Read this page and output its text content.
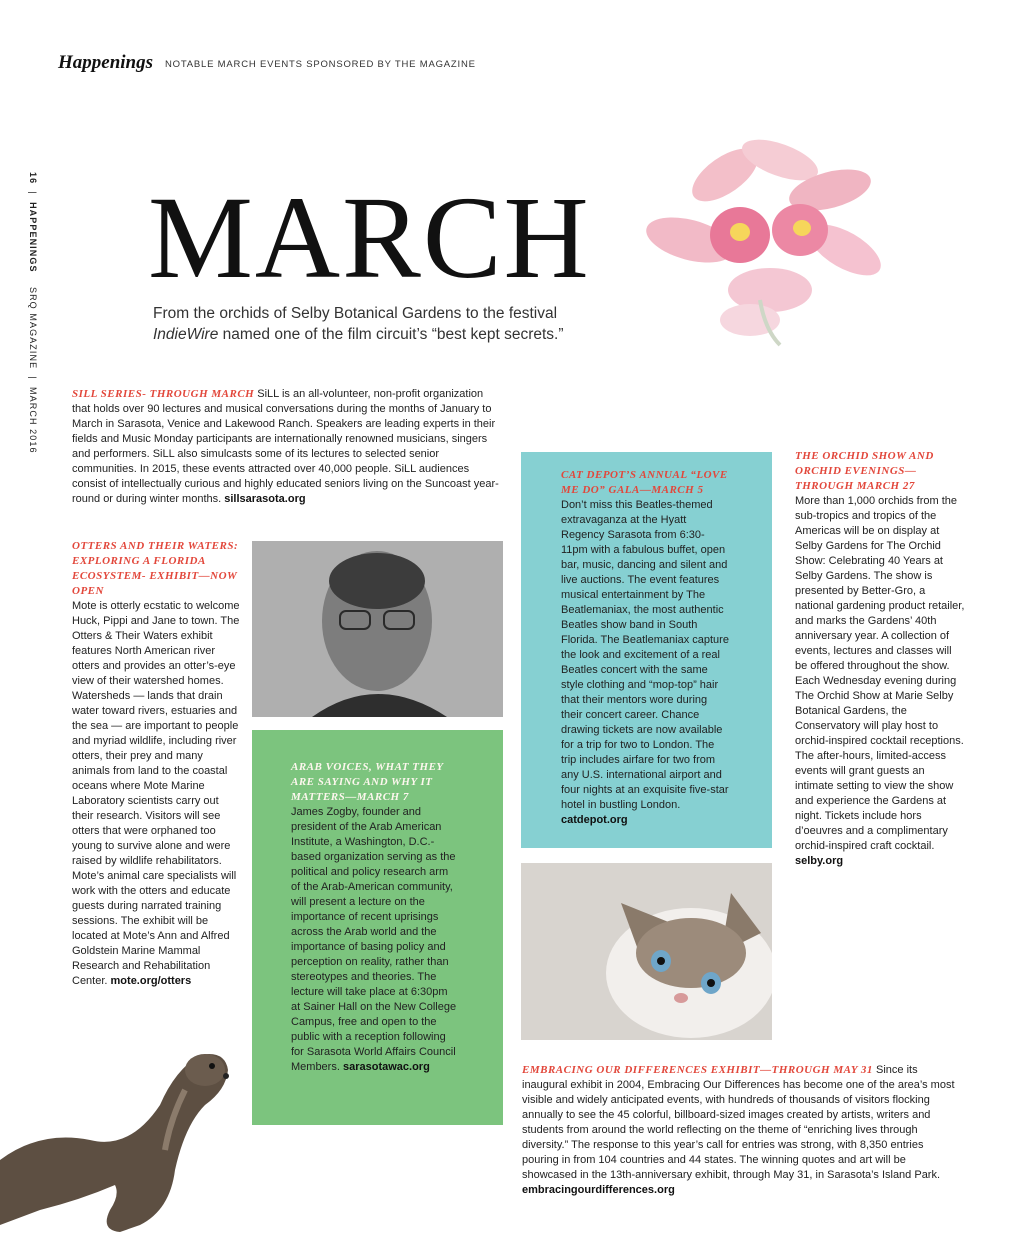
Happenings NOTABLE MARCH EVENTS SPONSORED BY THE MAGAZINE
16  |  HAPPENINGS    SRQ MAGAZINE  |  MARCH 2016
MARCH
From the orchids of Selby Botanical Gardens to the festival IndieWire named one of the film circuit’s “best kept secrets.”
SILL SERIES- THROUGH MARCH SiLL is an all-volunteer, non-profit organization that holds over 90 lectures and musical conversations during the months of January to March in Sarasota, Venice and Lakewood Ranch. Speakers are leading experts in their fields and Music Monday participants are internationally renowned musicians, singers and performers. SiLL also simulcasts some of its lectures to selected senior communities. In 2015, these events attracted over 40,000 people. SiLL audiences consist of intellectually curious and highly educated seniors living on the Suncoast year-round or during winter months. sillsarasota.org
OTTERS AND THEIR WATERS: EXPLORING A FLORIDA ECOSYSTEM- EXHIBIT—NOW OPEN
Mote is otterly ecstatic to welcome Huck, Pippi and Jane to town. The Otters & Their Waters exhibit features North American river otters and provides an otter’s-eye view of their watershed homes. Watersheds — lands that drain water toward rivers, estuaries and the sea — are important to people and myriad wildlife, including river otters, their prey and many animals from land to the coastal oceans where Mote Marine Laboratory scientists carry out their research. Visitors will see otters that were orphaned too young to survive alone and were raised by wildlife rehabilitators. Mote’s animal care specialists will work with the otters and educate guests during narrated training sessions. The exhibit will be located at Mote’s Ann and Alfred Goldstein Marine Mammal Research and Rehabilitation Center. mote.org/otters
ARAB VOICES, WHAT THEY ARE SAYING AND WHY IT MATTERS—MARCH 7
James Zogby, founder and president of the Arab American Institute, a Washington, D.C.-based organization serving as the political and policy research arm of the Arab-American community, will present a lecture on the importance of recent uprisings across the Arab world and the importance of basing policy and perception on reality, rather than stereotypes and theories. The lecture will take place at 6:30pm at Sainer Hall on the New College Campus, free and open to the public with a reception following for Sarasota World Affairs Council Members. sarasotawac.org
CAT DEPOT’S ANNUAL “LOVE ME DO” GALA—MARCH 5 Don’t miss this Beatles-themed extravaganza at the Hyatt Regency Sarasota from 6:30-11pm with a fabulous buffet, open bar, music, dancing and silent and live auctions. The event features musical entertainment by The Beatlemaniax, the most authentic Beatles show band in South Florida. The Beatlemaniax capture the look and excitement of a real Beatles concert with the same style clothing and “mop-top” hair that their mentors wore during their concert career. Chance drawing tickets are now available for a trip for two to London. The trip includes airfare for two from any U.S. international airport and four nights at an exquisite five-star hotel in bustling London. catdepot.org
THE ORCHID SHOW AND ORCHID EVENINGS—THROUGH MARCH 27
More than 1,000 orchids from the sub-tropics and tropics of the Americas will be on display at Selby Gardens for The Orchid Show: Celebrating 40 Years at Selby Gardens. The show is presented by Better-Gro, a national gardening product retailer, and marks the Gardens’ 40th anniversary year. A collection of events, lectures and classes will be offered throughout the show. Each Wednesday evening during The Orchid Show at Marie Selby Botanical Gardens, the Conservatory will play host to orchid-inspired cocktail receptions. The after-hours, limited-access events will grant guests an intimate setting to view the show and experience the Gardens at night. Tickets include hors d’oeuvres and a complimentary orchid-inspired craft cocktail. selby.org
EMBRACING OUR DIFFERENCES EXHIBIT—THROUGH MAY 31 Since its inaugural exhibit in 2004, Embracing Our Differences has become one of the area’s most visible and widely anticipated events, with hundreds of thousands of visitors flocking annually to see the 45 colorful, billboard-sized images created by artists, writers and students from around the world reflecting on the theme of “enriching lives through diversity.” The response to this year’s call for entries was strong, with 8,350 entries pouring in from 104 countries and 44 states. The winning quotes and art will be showcased in the 13th-anniversary exhibit, through May 31, in Sarasota’s Island Park. embracingourdifferences.org
